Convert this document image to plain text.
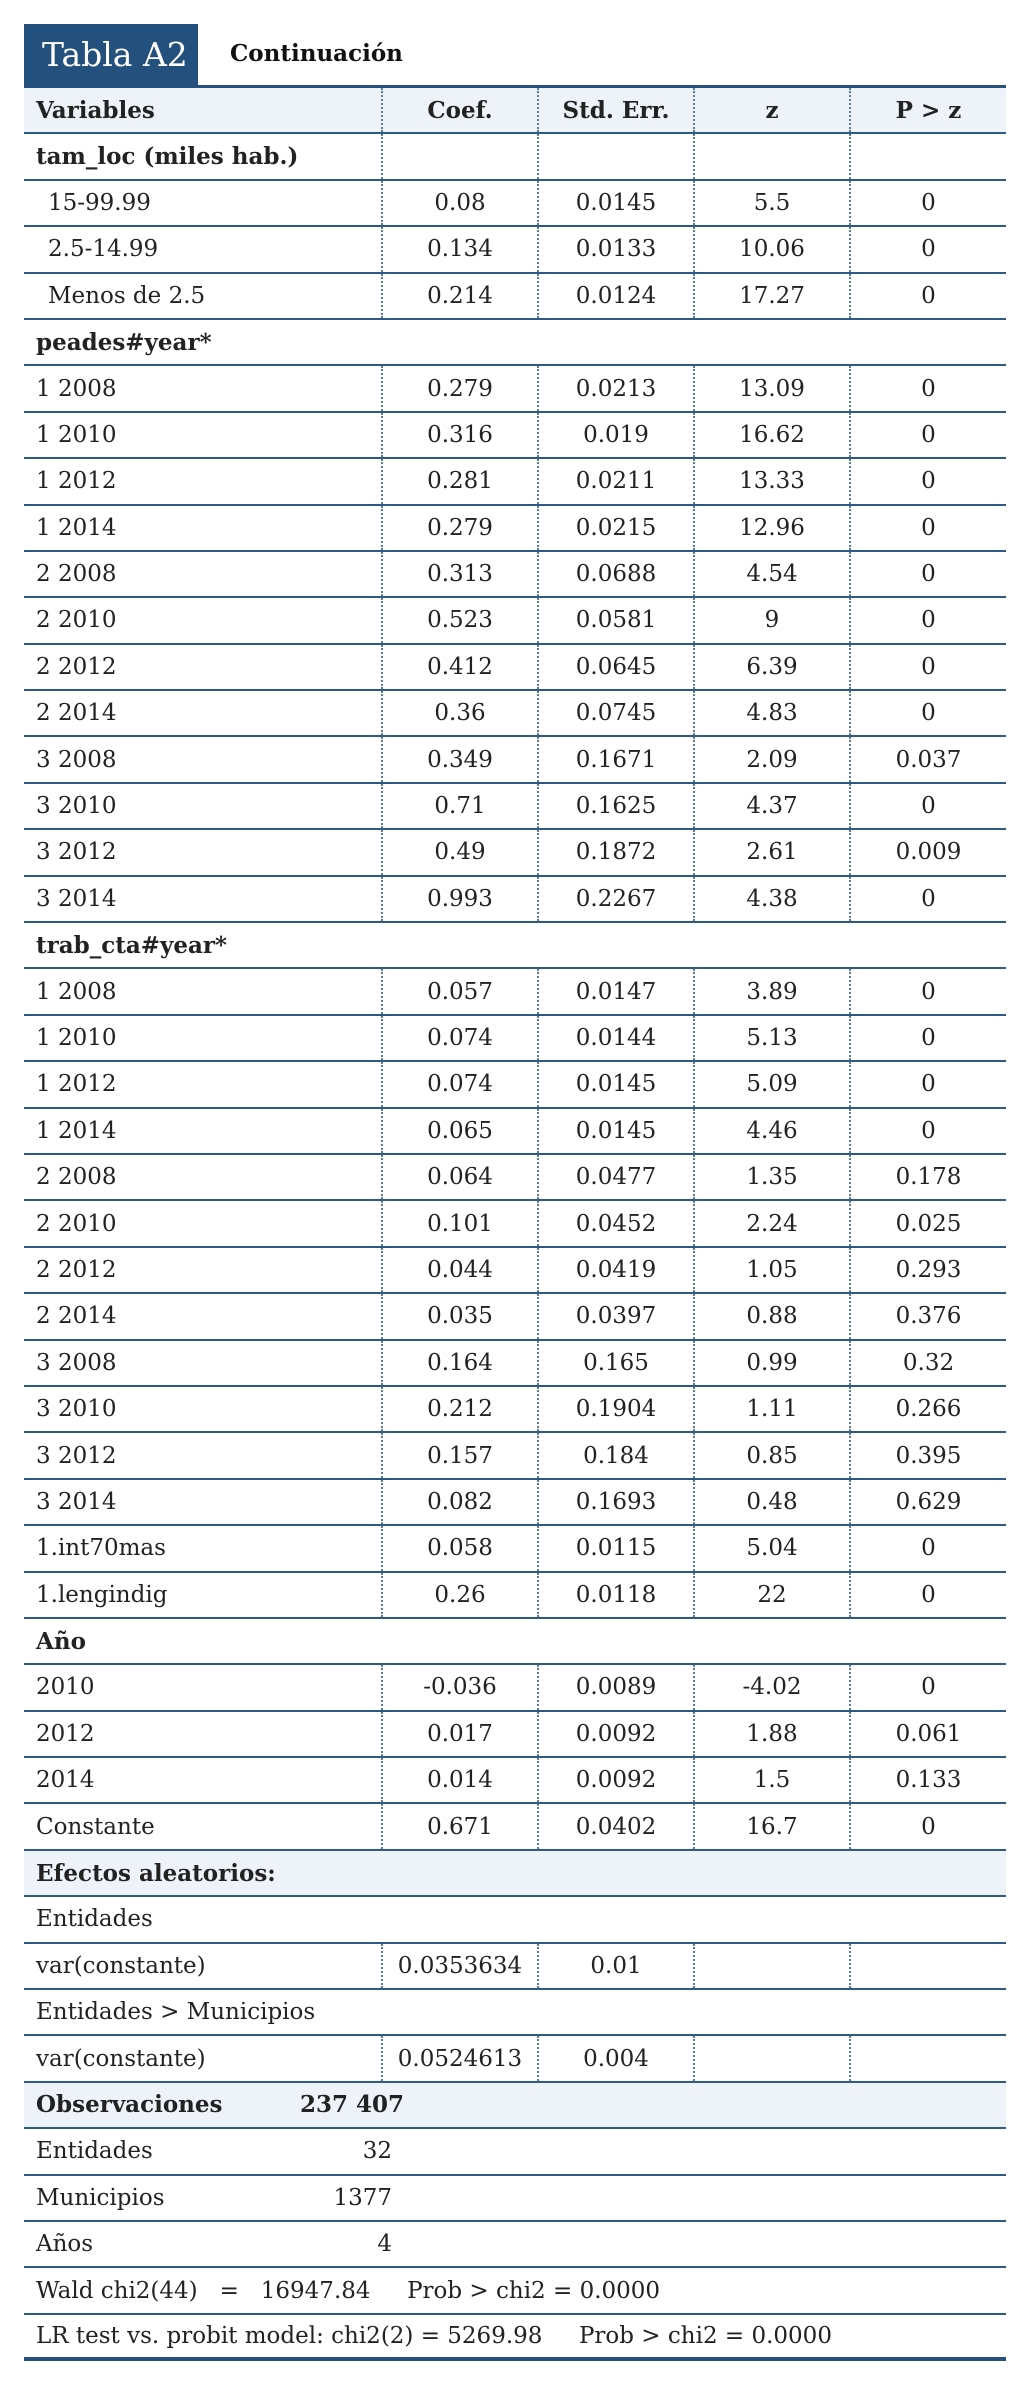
Tabla A2	Continuación
Variables	Coef.	Std. Err.	z	P > z
tam_loc (miles hab.)
15-99.99	0.08	0.0145	5.5	0
2.5-14.99	0.134	0.0133	10.06	0
Menos de 2.5	0.214	0.0124	17.27	0
peades#year*
1 2008	0.279	0.0213	13.09	0
1 2010	0.316	0.019	16.62	0
1 2012	0.281	0.0211	13.33	0
1 2014	0.279	0.0215	12.96	0
2 2008	0.313	0.0688	4.54	0
2 2010	0.523	0.0581	9	0
2 2012	0.412	0.0645	6.39	0
2 2014	0.36	0.0745	4.83	0
3 2008	0.349	0.1671	2.09	0.037
3 2010	0.71	0.1625	4.37	0
3 2012	0.49	0.1872	2.61	0.009
3 2014	0.993	0.2267	4.38	0
trab_cta#year*
1 2008	0.057	0.0147	3.89	0
1 2010	0.074	0.0144	5.13	0
1 2012	0.074	0.0145	5.09	0
1 2014	0.065	0.0145	4.46	0
2 2008	0.064	0.0477	1.35	0.178
2 2010	0.101	0.0452	2.24	0.025
2 2012	0.044	0.0419	1.05	0.293
2 2014	0.035	0.0397	0.88	0.376
3 2008	0.164	0.165	0.99	0.32
3 2010	0.212	0.1904	1.11	0.266
3 2012	0.157	0.184	0.85	0.395
3 2014	0.082	0.1693	0.48	0.629
1.int70mas	0.058	0.0115	5.04	0
1.lengindig	0.26	0.0118	22	0
Año
2010	-0.036	0.0089	-4.02	0
2012	0.017	0.0092	1.88	0.061
2014	0.014	0.0092	1.5	0.133
Constante	0.671	0.0402	16.7	0
Efectos aleatorios:
Entidades
var(constante)	0.0353634	0.01
Entidades > Municipios
var(constante)	0.0524613	0.004
Observaciones	237 407
Entidades	32
Municipios	1377
Años	4
Wald chi2(44)   =   16947.84     Prob > chi2 = 0.0000
LR test vs. probit model: chi2(2) = 5269.98     Prob > chi2 = 0.0000
